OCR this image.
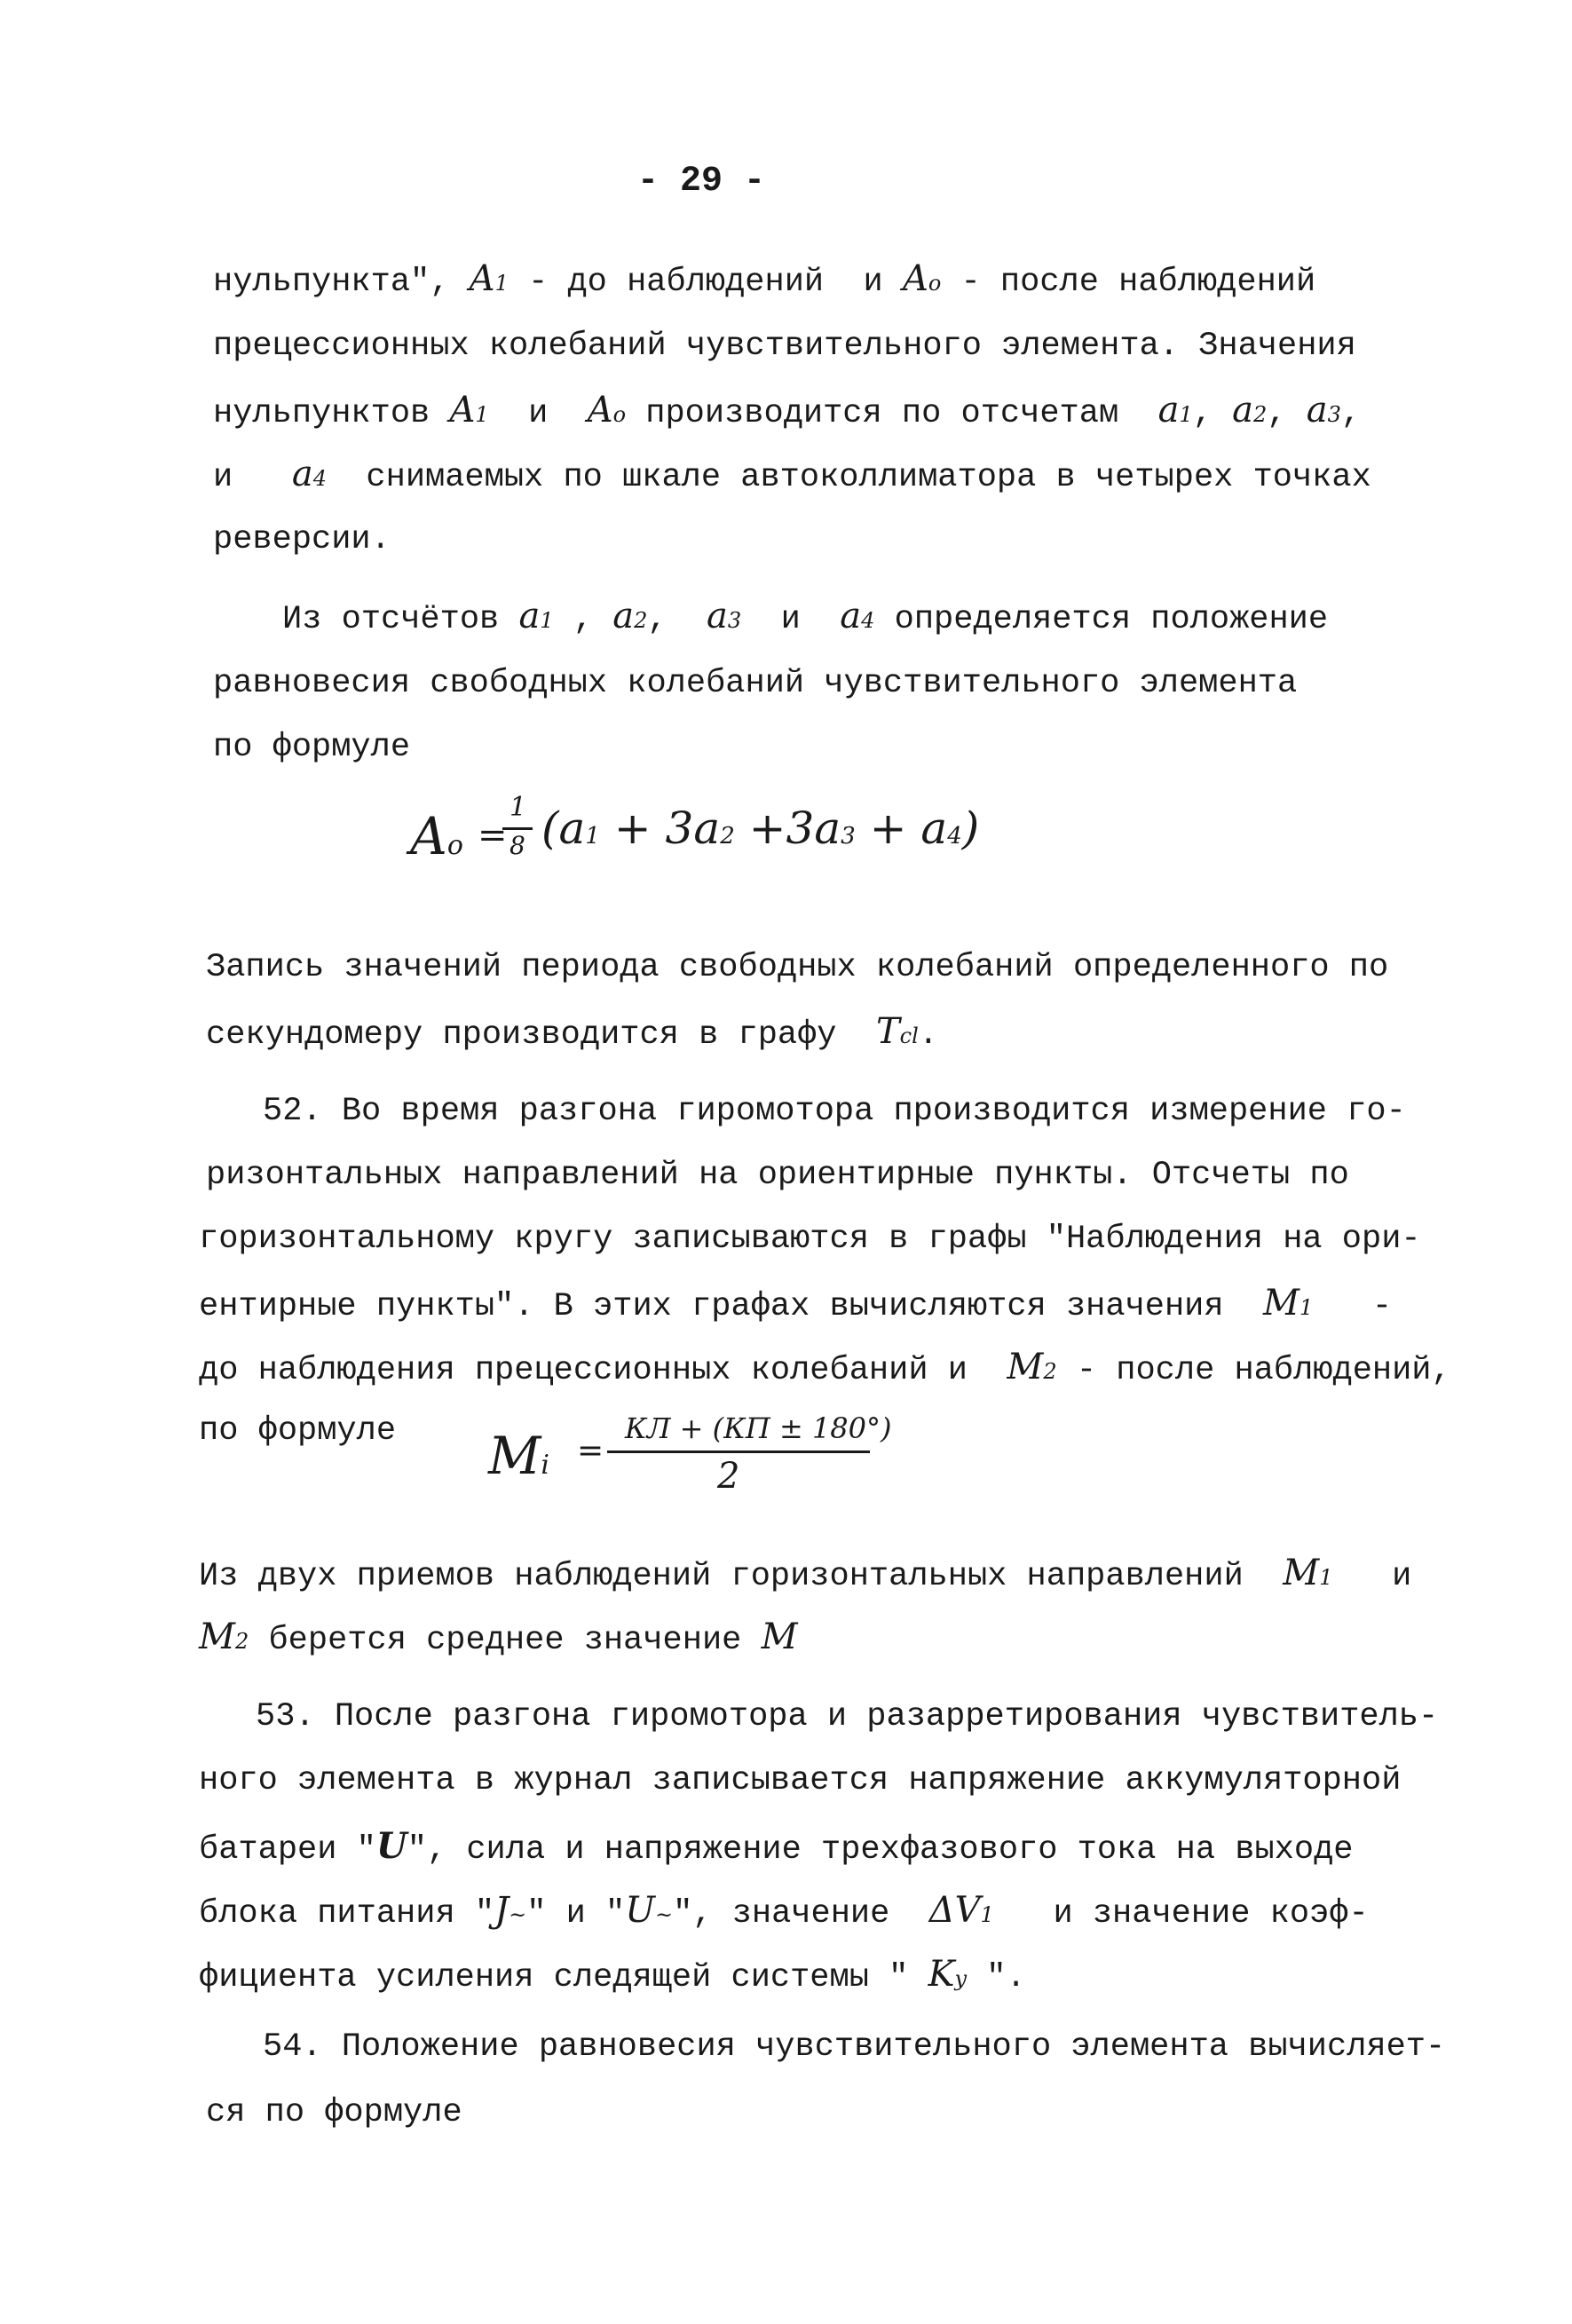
- 29 -
нульпункта", A1 - до наблюдений  и Ao - после наблюдений
прецессионных колебаний чувствительного элемента. Значения
нульпунктов A1 и Ao производится по отсчетам a1, a2, a3,
и a4 снимаемых по шкале автоколлиматора в четырех точках
реверсии.
Из отсчётов a1 , a2, a3 и a4 определяется положение
равновесия свободных колебаний чувствительного элемента
по формуле
Ao =
1
8 (a1 + 3a2 +3a3 + a4)
Запись значений периода свободных колебаний определенного по
секундомеру производится в графу Tcl.
52. Во время разгона гиромотора производится измерение го-
ризонтальных направлений на ориентирные пункты. Отсчеты по
горизонтальному кругу записываются в графы "Наблюдения на ори-
ентирные пункты". В этих графах вычисляются значения M1 -
до наблюдения прецессионных колебаний и M2 - после наблюдений,
по формуле Mi =
КЛ + (КП ± 180°)
2
Из двух приемов наблюдений горизонтальных направлений M1 и
M2 берется среднее значение M
53. После разгона гиромотора и разарретирования чувствитель-
ного элемента в журнал записывается напряжение аккумуляторной
батареи "U", сила и напряжение трехфазового тока на выходе
блока питания "J~" и "U~", значение ΔV1 и значение коэф-
фициента усиления следящей системы " Ky ".
54. Положение равновесия чувствительного элемента вычисляет-
ся по формуле
